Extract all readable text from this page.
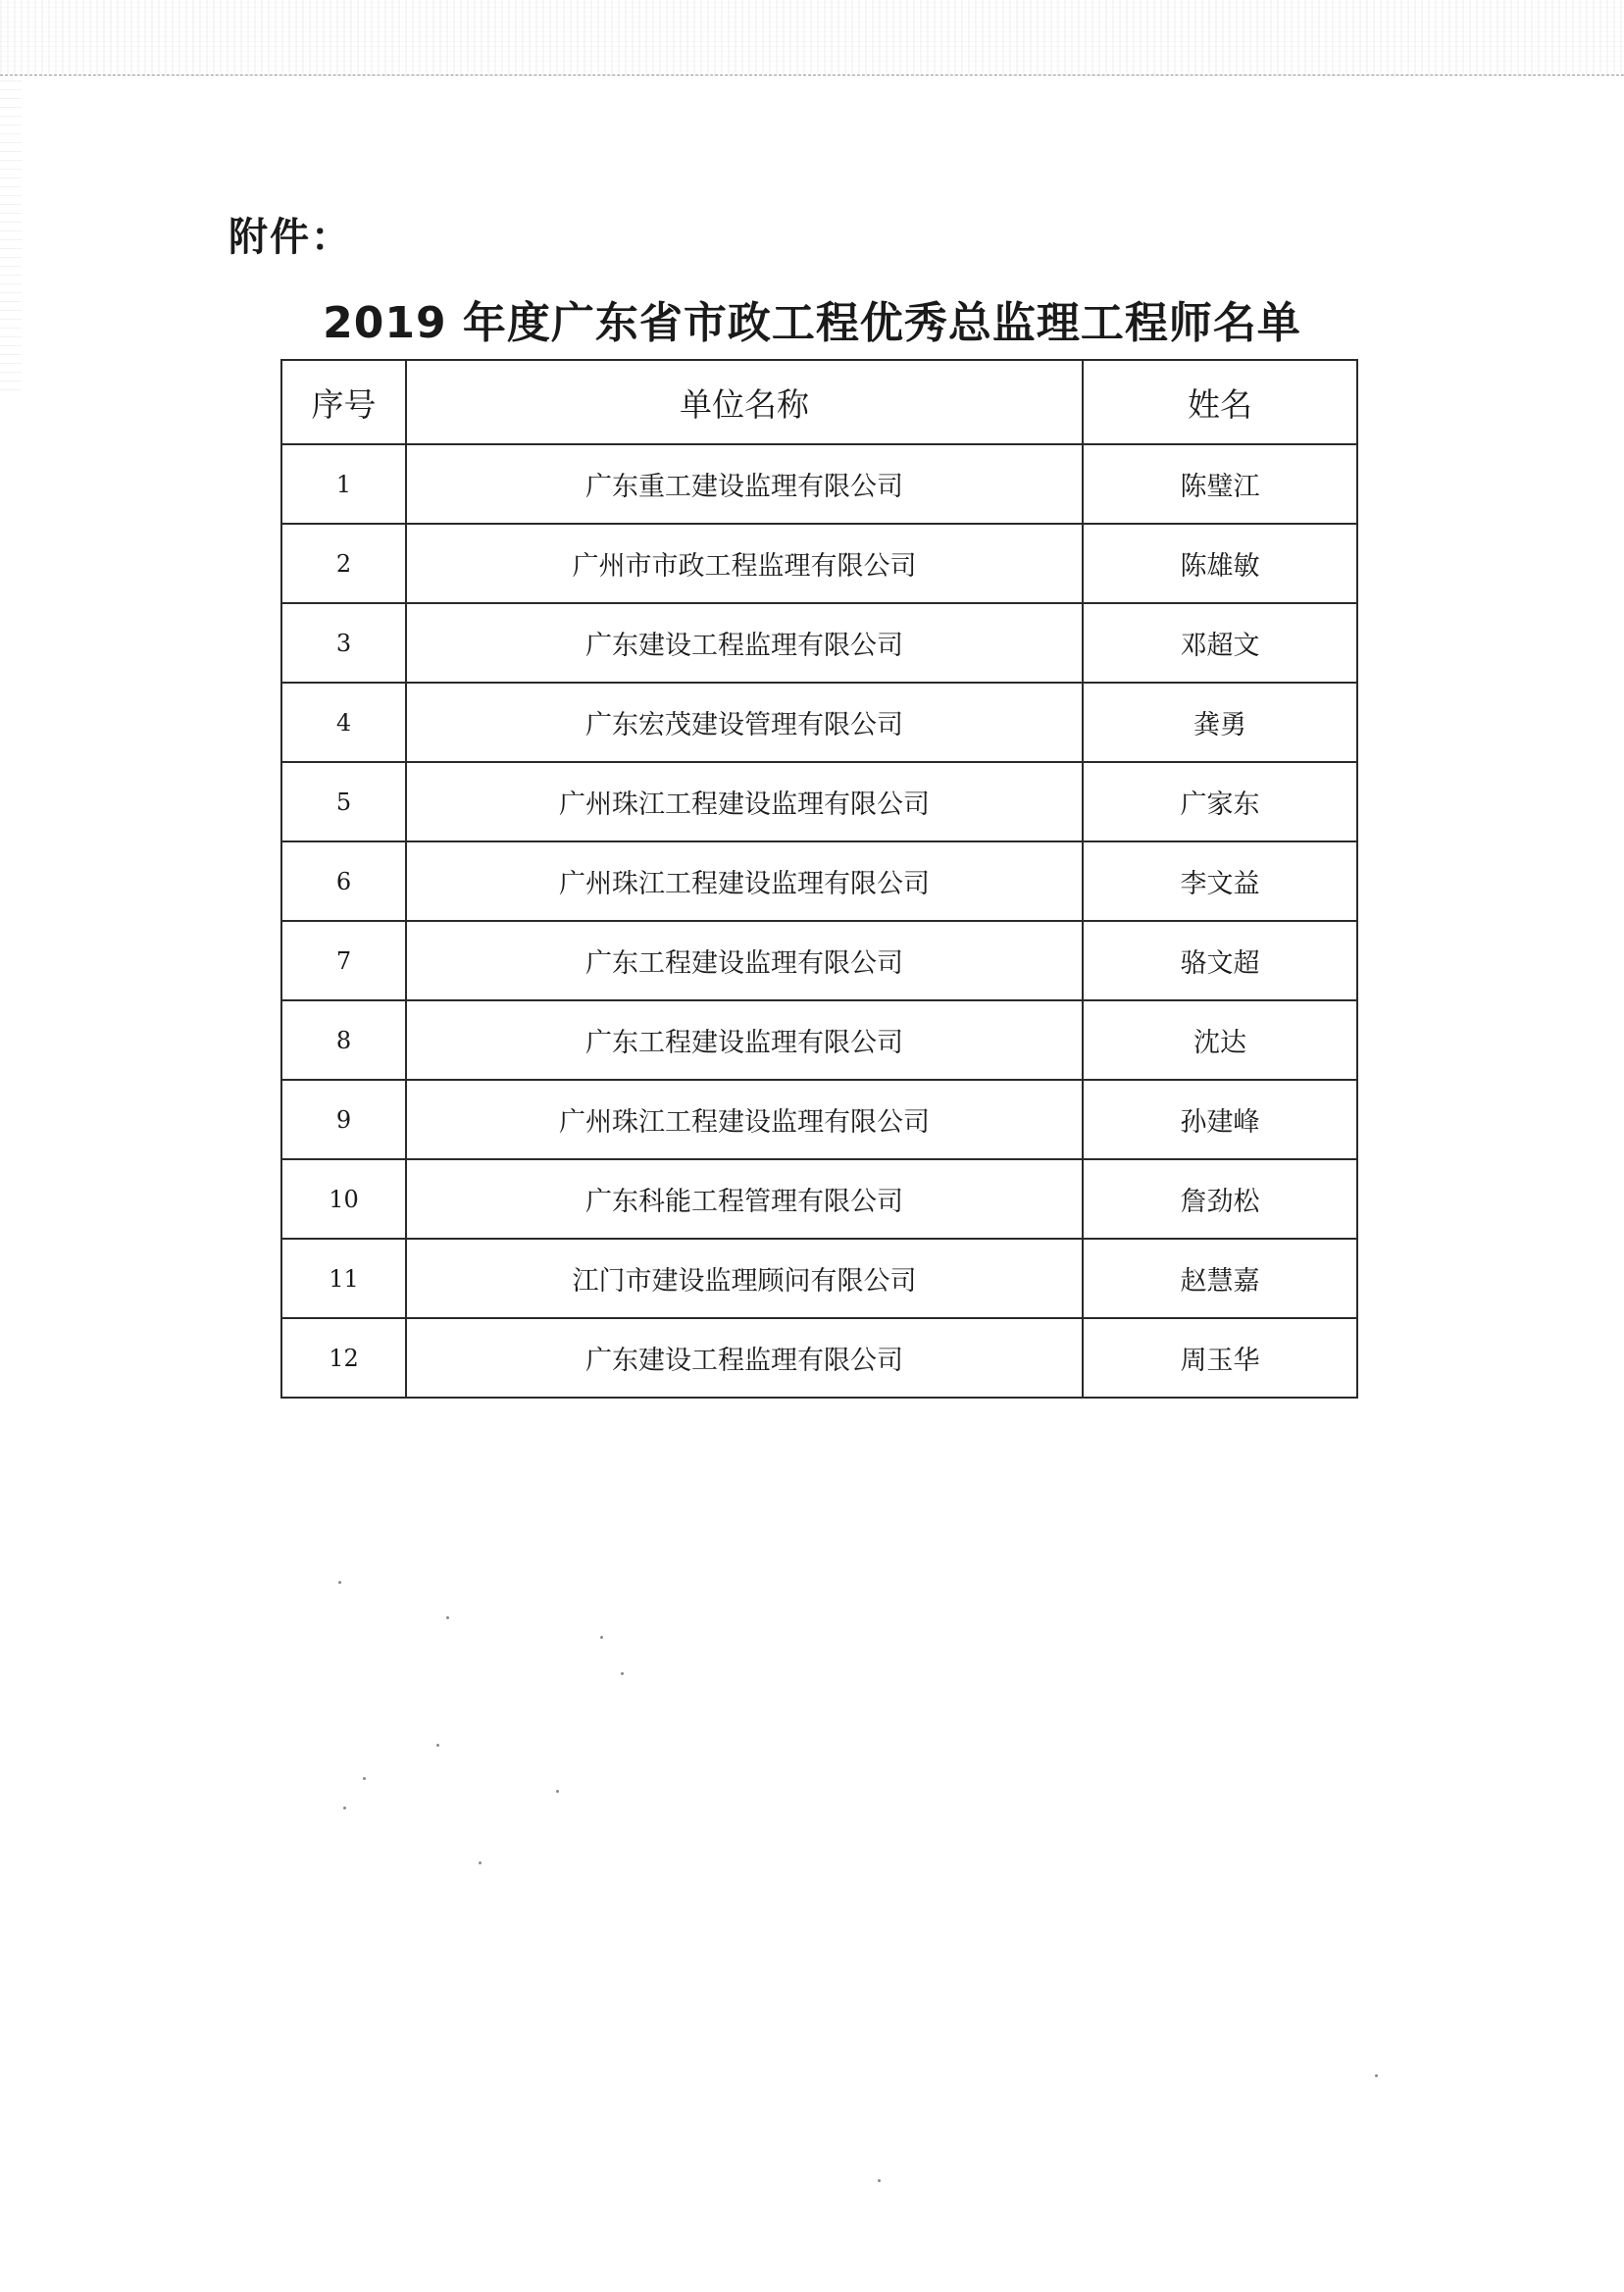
附件：
2019 年度广东省市政工程优秀总监理工程师名单
序号	单位名称	姓名
1	广东重工建设监理有限公司	陈璧江
2	广州市市政工程监理有限公司	陈雄敏
3	广东建设工程监理有限公司	邓超文
4	广东宏茂建设管理有限公司	龚勇
5	广州珠江工程建设监理有限公司	广家东
6	广州珠江工程建设监理有限公司	李文益
7	广东工程建设监理有限公司	骆文超
8	广东工程建设监理有限公司	沈达
9	广州珠江工程建设监理有限公司	孙建峰
10	广东科能工程管理有限公司	詹劲松
11	江门市建设监理顾问有限公司	赵慧嘉
12	广东建设工程监理有限公司	周玉华
